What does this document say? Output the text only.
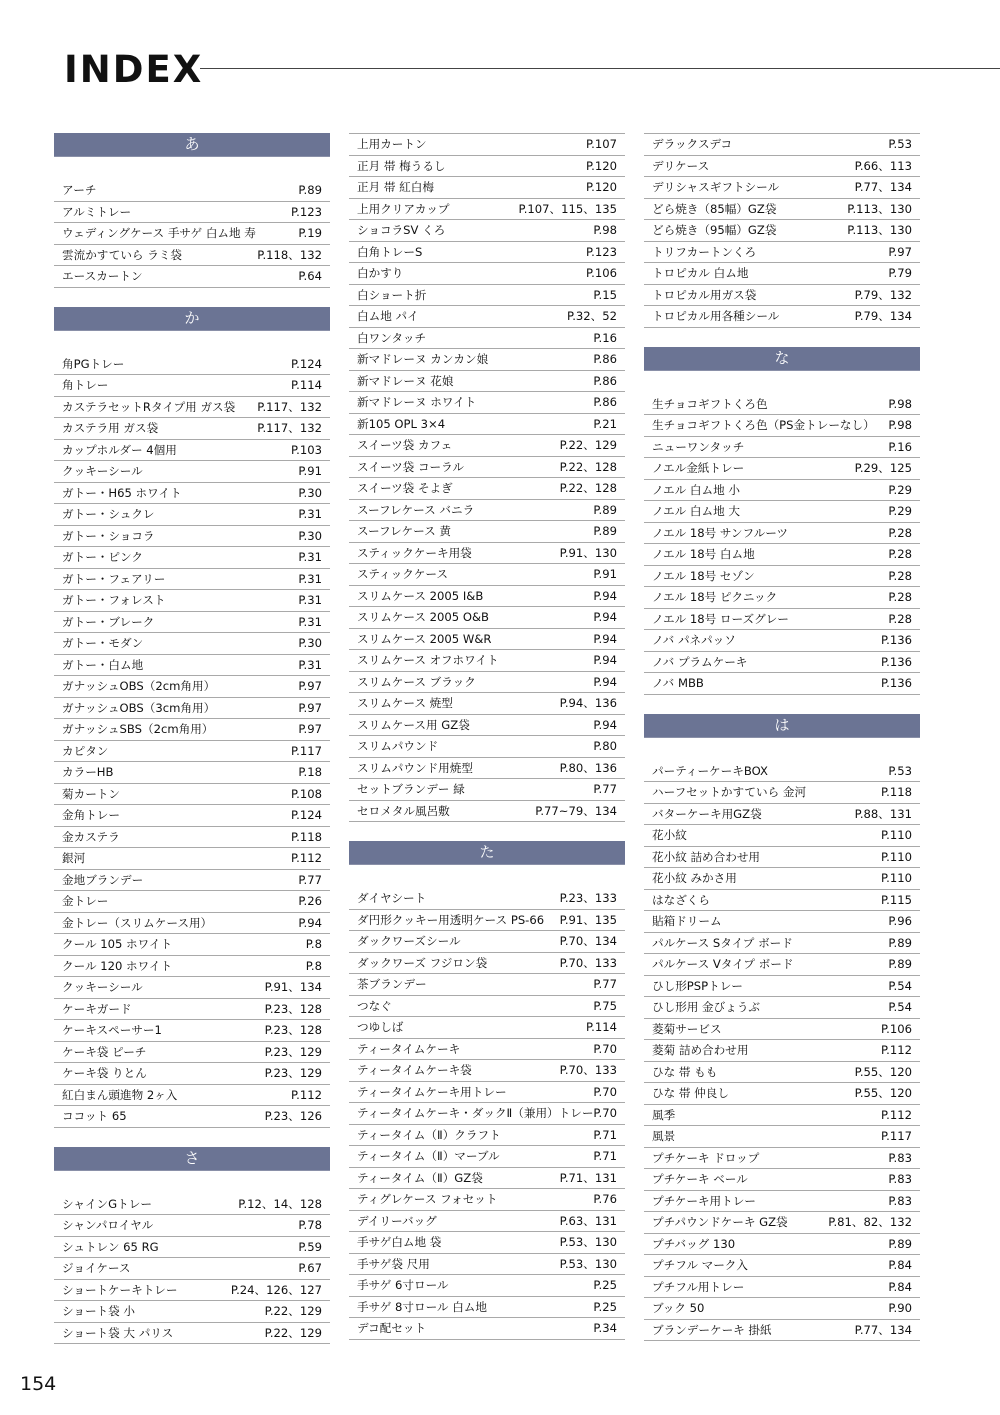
INDEX
あ
アーチ	P.89
アルミトレー	P.123
ウェディングケース 手サゲ 白ム地 寿	P.19
雲流かすていら ラミ袋	P.118、132
エースカートン	P.64
か
角PGトレー	P.124
角トレー	P.114
カステラセットRタイプ用 ガス袋 P.117、132
カステラ用 ガス袋	P.117、132
カップホルダー 4個用	P.103
クッキーシール	P.91
ガトー・H65 ホワイト	P.30
ガトー・シュクレ	P.31
ガトー・ショコラ	P.30
ガトー・ピンク	P.31
ガトー・フェアリー	P.31
ガトー・フォレスト	P.31
ガトー・ブレーク	P.31
ガトー・モダン	P.30
ガトー・白ム地	P.31
ガナッシュOBS（2cm角用）	P.97
ガナッシュOBS（3cm角用）	P.97
ガナッシュSBS（2cm角用）	P.97
カピタン	P.117
カラーHB	P.18
菊カートン	P.108
金角トレー	P.124
金カステラ	P.118
銀河	P.112
金地ブランデー	P.77
金トレー	P.26
金トレー（スリムケース用）	P.94
クール 105 ホワイト	P.8
クール 120 ホワイト	P.8
クッキーシール	P.91、134
ケーキガード	P.23、128
ケーキスペーサー1	P.23、128
ケーキ袋 ピーチ	P.23、129
ケーキ袋 りとん	P.23、129
紅白まん頭進物 2ヶ入	P.112
ココット 65	P.23、126
さ
シャインGトレー	P.12、14、128
シャンパロイヤル	P.78
シュトレン 65 RG	P.59
ジョイケース	P.67
ショートケーキトレー	P.24、126、127
ショート袋 小	P.22、129
ショート袋 大 パリス	P.22、129
上用カートン	P.107
正月 帯 梅うるし	P.120
正月 帯 紅白梅	P.120
上用クリアカップ	P.107、115、135
ショコラSV くろ	P.98
白角トレーS	P.123
白かすり	P.106
白ショート折	P.15
白ム地 パイ	P.32、52
白ワンタッチ	P.16
新マドレーヌ カンカン娘	P.86
新マドレーヌ 花娘	P.86
新マドレーヌ ホワイト	P.86
新105 OPL 3×4	P.21
スイーツ袋 カフェ	P.22、129
スイーツ袋 コーラル	P.22、128
スイーツ袋 そよぎ	P.22、128
スーフレケース バニラ	P.89
スーフレケース 黄	P.89
スティックケーキ用袋	P.91、130
スティックケース	P.91
スリムケース 2005 I&B	P.94
スリムケース 2005 O&B	P.94
スリムケース 2005 W&R	P.94
スリムケース オフホワイト	P.94
スリムケース ブラック	P.94
スリムケース 焼型	P.94、136
スリムケース用 GZ袋	P.94
スリムパウンド	P.80
スリムパウンド用焼型	P.80、136
セットブランデー 緑	P.77
セロメタル風呂敷	P.77~79、134
た
ダイヤシート	P.23、133
ダ円形クッキー用透明ケース PS-66 P.91、135
ダックワーズシール	P.70、134
ダックワーズ フジロン袋	P.70、133
茶ブランデー	P.77
つなぐ	P.75
つゆしば	P.114
ティータイムケーキ	P.70
ティータイムケーキ袋	P.70、133
ティータイムケーキ用トレー	P.70
ティータイムケーキ・ダックⅡ（兼用）トレー P.70
ティータイム（Ⅱ）クラフト	P.71
ティータイム（Ⅱ）マーブル	P.71
ティータイム（Ⅱ）GZ袋	P.71、131
ティグレケース フォセット	P.76
デイリーバッグ	P.63、131
手サゲ白ム地 袋	P.53、130
手サゲ袋 尺用	P.53、130
手サゲ 6寸ロール	P.25
手サゲ 8寸ロール 白ム地	P.25
デコ配セット	P.34
デラックスデコ	P.53
デリケース	P.66、113
デリシャスギフトシール	P.77、134
どら焼き（85幅）GZ袋	P.113、130
どら焼き（95幅）GZ袋	P.113、130
トリフカートンくろ	P.97
トロピカル 白ム地	P.79
トロピカル用ガス袋	P.79、132
トロピカル用各種シール	P.79、134
な
生チョコギフトくろ色	P.98
生チョコギフトくろ色（PS金トレーなし） P.98
ニューワンタッチ	P.16
ノエル金紙トレー	P.29、125
ノエル 白ム地 小	P.29
ノエル 白ム地 大	P.29
ノエル 18号 サンフルーツ	P.28
ノエル 18号 白ム地	P.28
ノエル 18号 セゾン	P.28
ノエル 18号 ピクニック	P.28
ノエル 18号 ローズグレー	P.28
ノバ パネパッソ	P.136
ノバ プラムケーキ	P.136
ノバ MBB	P.136
は
パーティーケーキBOX	P.53
ハーフセットかすていら 金河	P.118
バターケーキ用GZ袋	P.88、131
花小紋	P.110
花小紋 詰め合わせ用	P.110
花小紋 みかさ用	P.110
はなざくら	P.115
貼箱ドリーム	P.96
パルケース Sタイプ ボード	P.89
パルケース Vタイプ ボード	P.89
ひし形PSPトレー	P.54
ひし形用 金びょうぶ	P.54
菱菊サービス	P.106
菱菊 詰め合わせ用	P.112
ひな 帯 もも	P.55、120
ひな 帯 仲良し	P.55、120
風季	P.112
風景	P.117
プチケーキ ドロップ	P.83
プチケーキ ベール	P.83
プチケーキ用トレー	P.83
プチパウンドケーキ GZ袋	P.81、82、132
プチバッグ 130	P.89
プチフル マーク入	P.84
プチフル用トレー	P.84
ブック 50	P.90
ブランデーケーキ 掛紙	P.77、134
154
